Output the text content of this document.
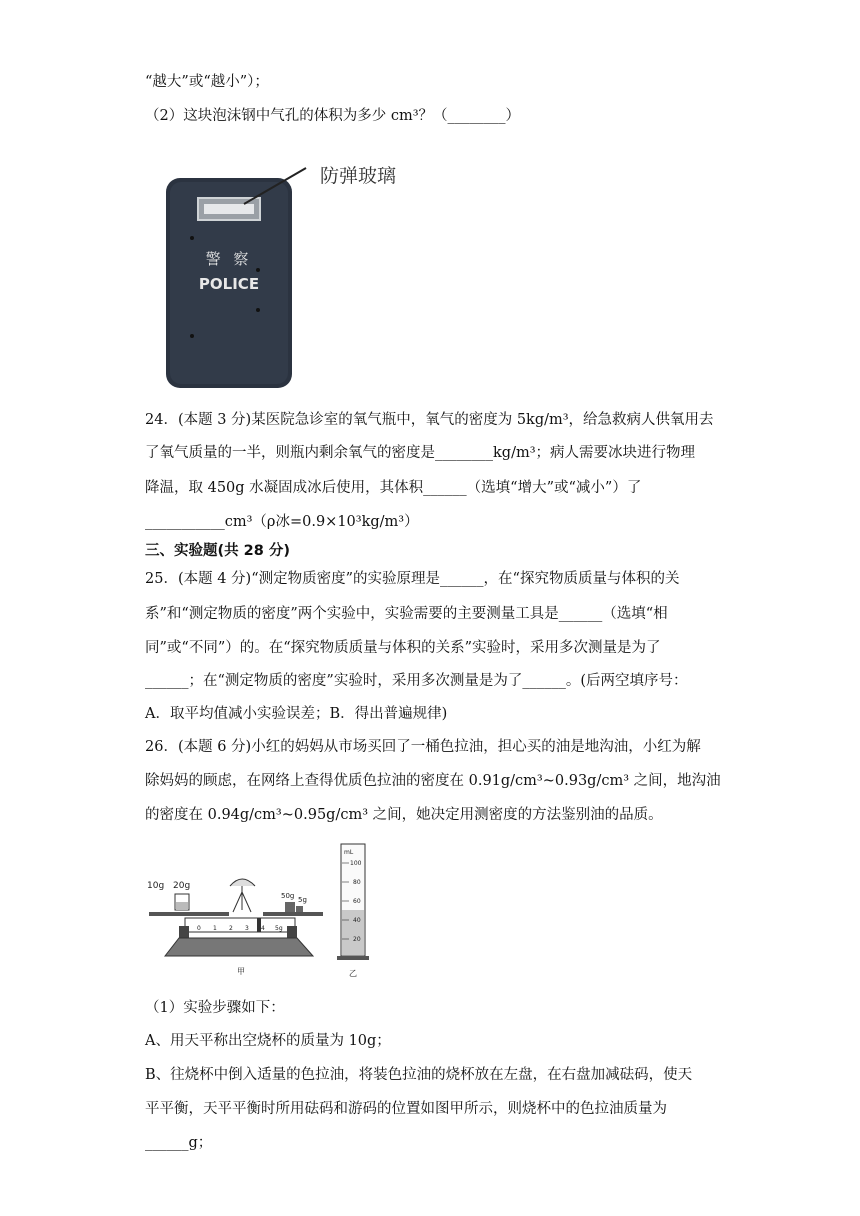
“越大”或“越小”）；
（2）这块泡沫钢中气孔的体积为多少 cm³？（________）
防弹玻璃
警 察
POLICE
24．(本题 3 分)某医院急诊室的氧气瓶中，氧气的密度为 5kg/m³，给急救病人供氧用去
了氧气质量的一半，则瓶内剩余氧气的密度是________kg/m³；病人需要冰块进行物理
降温，取 450g 水凝固成冰后使用，其体积______（选填“增大”或“减小”）了
___________cm³（ρ冰=0.9×10³kg/m³）
三、实验题(共 28 分)
25．(本题 4 分)“测定物质密度”的实验原理是______，在“探究物质质量与体积的关
系”和“测定物质的密度”两个实验中，实验需要的主要测量工具是______（选填“相
同”或“不同”）的。在“探究物质质量与体积的关系”实验时，采用多次测量是为了
______；在“测定物质的密度”实验时，采用多次测量是为了______。(后两空填序号：
A．取平均值减小实验误差；B．得出普遍规律)
26．(本题 6 分)小红的妈妈从市场买回了一桶色拉油，担心买的油是地沟油，小红为解
除妈妈的顾虑，在网络上查得优质色拉油的密度在 0.91g/cm³~0.93g/cm³ 之间，地沟油
的密度在 0.94g/cm³~0.95g/cm³ 之间，她决定用测密度的方法鉴别油的品质。
10g 20g
50g 5g
0 1 2 3 4 5g
甲
mL
100
80
60
40
20
乙
（1）实验步骤如下：
A、用天平称出空烧杯的质量为 10g；
B、往烧杯中倒入适量的色拉油，将装色拉油的烧杯放在左盘，在右盘加减砝码，使天
平平衡，天平平衡时所用砝码和游码的位置如图甲所示，则烧杯中的色拉油质量为
______g；
